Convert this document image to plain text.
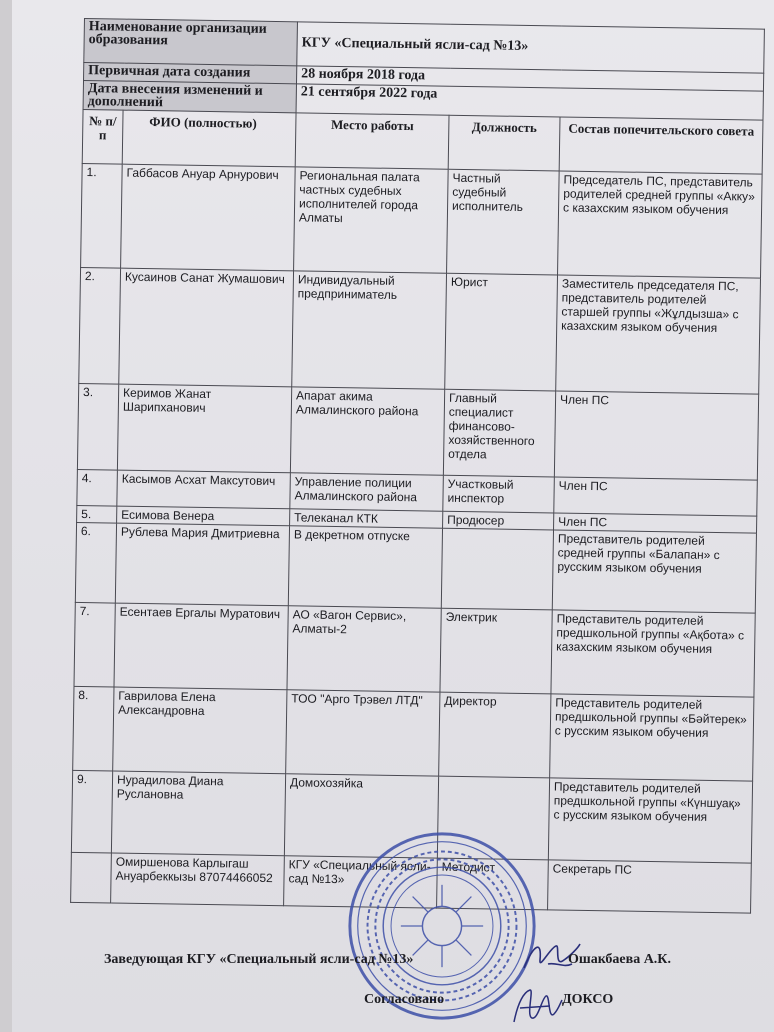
Наименование организации образования		КГУ «Специальный ясли-сад №13»		
Первичная дата создания		28 ноября 2018 года		
Дата внесения изменений и дополнений		21 сентября 2022 года		
№ п/п	ФИО (полностью)	Место работы	Должность	Состав попечительского совета
1.	Габбасов Ануар Арнурович	Региональная палата частных судебных исполнителей города Алматы	Частный судебный исполнитель	Председатель ПС, представитель родителей средней группы «Акку» с казахским языком обучения
2.	Кусаинов Санат Жумашович	Индивидуальный предприниматель	Юрист	Заместитель председателя ПС, представитель родителей старшей группы «Жұлдызша» с казахским языком обучения
3.	Керимов Жанат Шарипханович	Апарат акима Алмалинского района	Главный специалист финансово-хозяйственного отдела	Член ПС
4.	Касымов Асхат Максутович	Управление полиции Алмалинского района	Участковый инспектор	Член ПС
5.	Есимова Венера	Телеканал КТК	Продюсер	Член ПС
6.	Рублева Мария Дмитриевна	В декретном отпуске		Представитель родителей средней группы «Балапан» с русским языком обучения
7.	Есентаев Ергалы Муратович	АО «Вагон Сервис», Алматы-2	Электрик	Представитель родителей предшкольной группы «Ақбота» с казахским языком обучения
8.	Гаврилова Елена Александровна	ТОО "Арго Трэвел ЛТД"	Директор	Представитель родителей предшкольной группы «Бәйтерек» с русским языком обучения
9.	Нурадилова Диана Руслановна	Домохозяйка		Представитель родителей предшкольной группы «Күншуақ» с русским языком обучения
	Омиршенова Карлыгаш Ануарбеккызы 87074466052	КГУ «Специальный ясли-сад №13»	Методист	Секретарь ПС
Заведующая КГУ «Специальный ясли-сад №13»	Ошакбаева А.К.
Согласовано	ДОКСО
